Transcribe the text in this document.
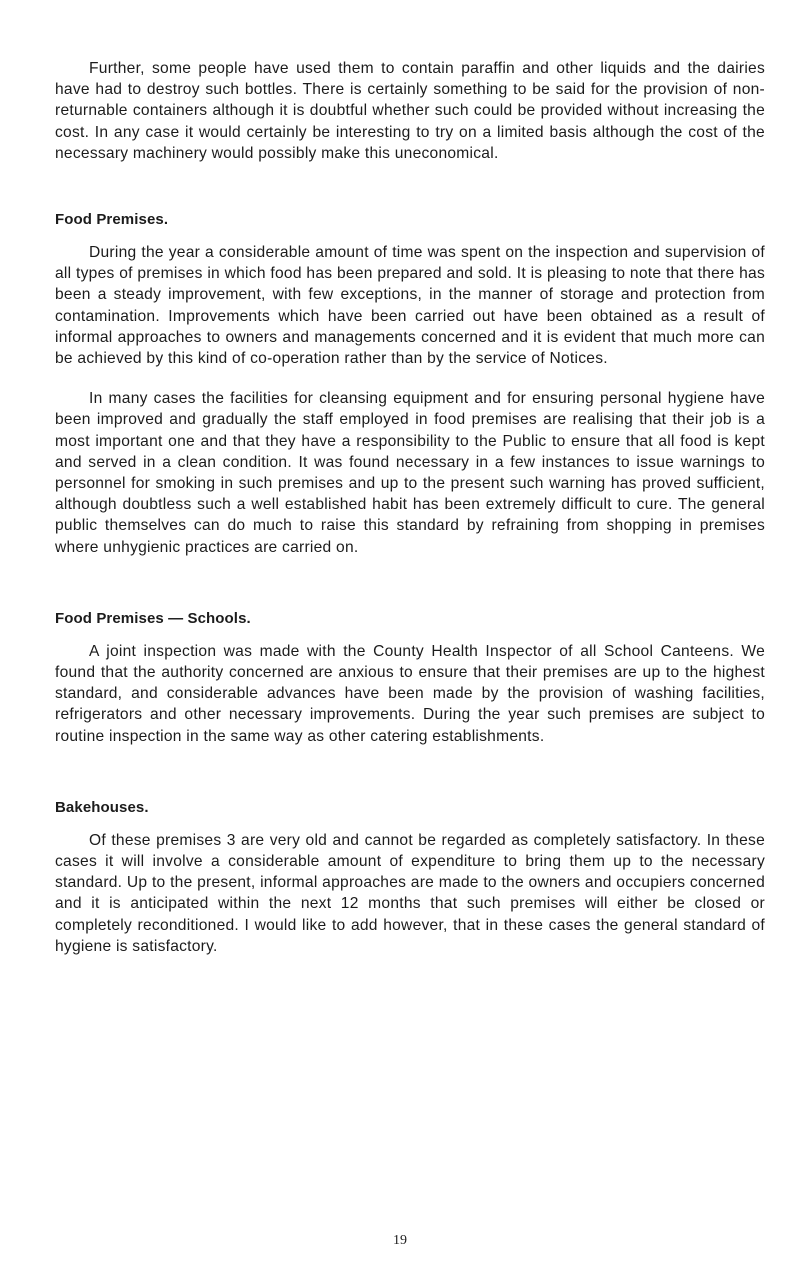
Further, some people have used them to contain paraffin and other liquids and the dairies have had to destroy such bottles. There is certainly something to be said for the provision of non-returnable containers although it is doubtful whether such could be provided without increasing the cost. In any case it would certainly be interesting to try on a limited basis although the cost of the necessary machinery would possibly make this uneconomical.

Food Premises.

During the year a considerable amount of time was spent on the inspection and supervision of all types of premises in which food has been prepared and sold. It is pleasing to note that there has been a steady improvement, with few exceptions, in the manner of storage and protection from contamination. Improvements which have been carried out have been obtained as a result of informal approaches to owners and managements concerned and it is evident that much more can be achieved by this kind of co-operation rather than by the service of Notices.

In many cases the facilities for cleansing equipment and for ensuring personal hygiene have been improved and gradually the staff employed in food premises are realising that their job is a most important one and that they have a responsibility to the Public to ensure that all food is kept and served in a clean condition. It was found necessary in a few instances to issue warnings to personnel for smoking in such premises and up to the present such warning has proved sufficient, although doubtless such a well established habit has been extremely difficult to cure. The general public themselves can do much to raise this standard by refraining from shopping in premises where unhygienic practices are carried on.

Food Premises — Schools.

A joint inspection was made with the County Health Inspector of all School Canteens. We found that the authority concerned are anxious to ensure that their premises are up to the highest standard, and considerable advances have been made by the provision of washing facilities, refrigerators and other necessary improvements. During the year such premises are subject to routine inspection in the same way as other catering establishments.

Bakehouses.

Of these premises 3 are very old and cannot be regarded as completely satisfactory. In these cases it will involve a considerable amount of expenditure to bring them up to the necessary standard. Up to the present, informal approaches are made to the owners and occupiers concerned and it is anticipated within the next 12 months that such premises will either be closed or completely reconditioned. I would like to add however, that in these cases the general standard of hygiene is satisfactory.

19
